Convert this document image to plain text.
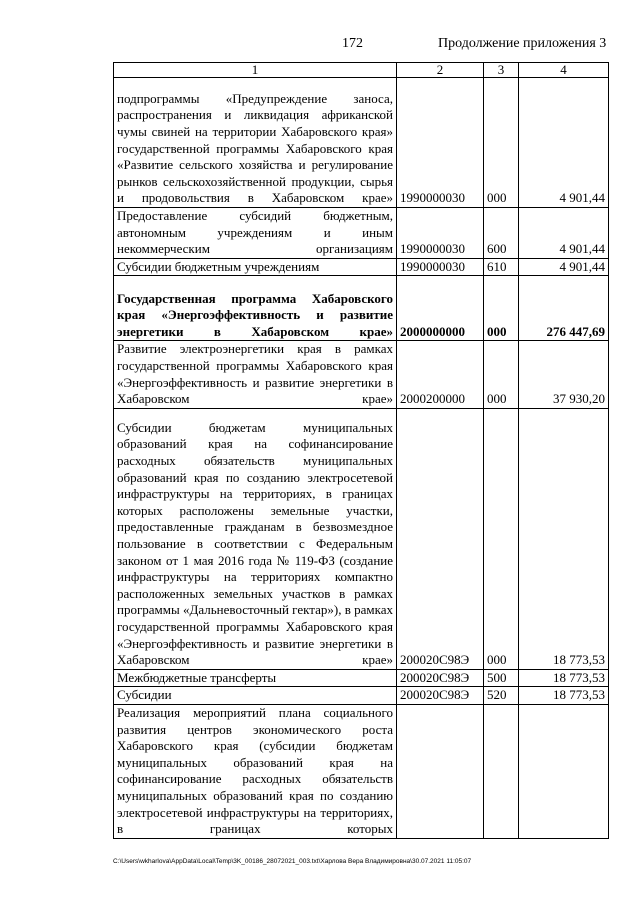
172	Продолжение приложения 3
1	2	3	4
подпрограммы «Предупреждение заноса, распространения и ликвидация африканской чумы свиней на территории Хабаровского края» государственной программы Хабаровского края «Развитие сельского хозяйства и регулирование рынков сельскохозяйственной продукции, сырья и продовольствия в Хабаровском крае»	1990000030	000	4 901,44
Предоставление субсидий бюджетным, автономным учреждениям и иным некоммерческим организациям	1990000030	600	4 901,44
Субсидии бюджетным учреждениям	1990000030	610	4 901,44
Государственная программа Хабаровского края «Энергоэффективность и развитие энергетики в Хабаровском крае»	2000000000	000	276 447,69
Развитие электроэнергетики края в рамках государственной программы Хабаровского края «Энергоэффективность и развитие энергетики в Хабаровском крае»	2000200000	000	37 930,20
Субсидии бюджетам муниципальных образований края на софинансирование расходных обязательств муниципальных образований края по созданию электросетевой инфраструктуры на территориях, в границах которых расположены земельные участки, предоставленные гражданам в безвозмездное пользование в соответствии с Федеральным законом от 1 мая 2016 года № 119-ФЗ (создание инфраструктуры на территориях компактно расположенных земельных участков в рамках программы «Дальневосточный гектар»), в рамках государственной программы Хабаровского края «Энергоэффективность и развитие энергетики в Хабаровском крае»	200020С98Э	000	18 773,53
Межбюджетные трансферты	200020С98Э	500	18 773,53
Субсидии	200020С98Э	520	18 773,53
Реализация мероприятий плана социального развития центров экономического роста Хабаровского края (субсидии бюджетам муниципальных образований края на софинансирование расходных обязательств муниципальных образований края по созданию электросетевой инфраструктуры на территориях, в границах которых			
C:\Users\wkharlova\AppData\Local\Temp\3K_00186_28072021_003.txt\Харлова Вера Владимировна\30.07.2021 11:05:07
